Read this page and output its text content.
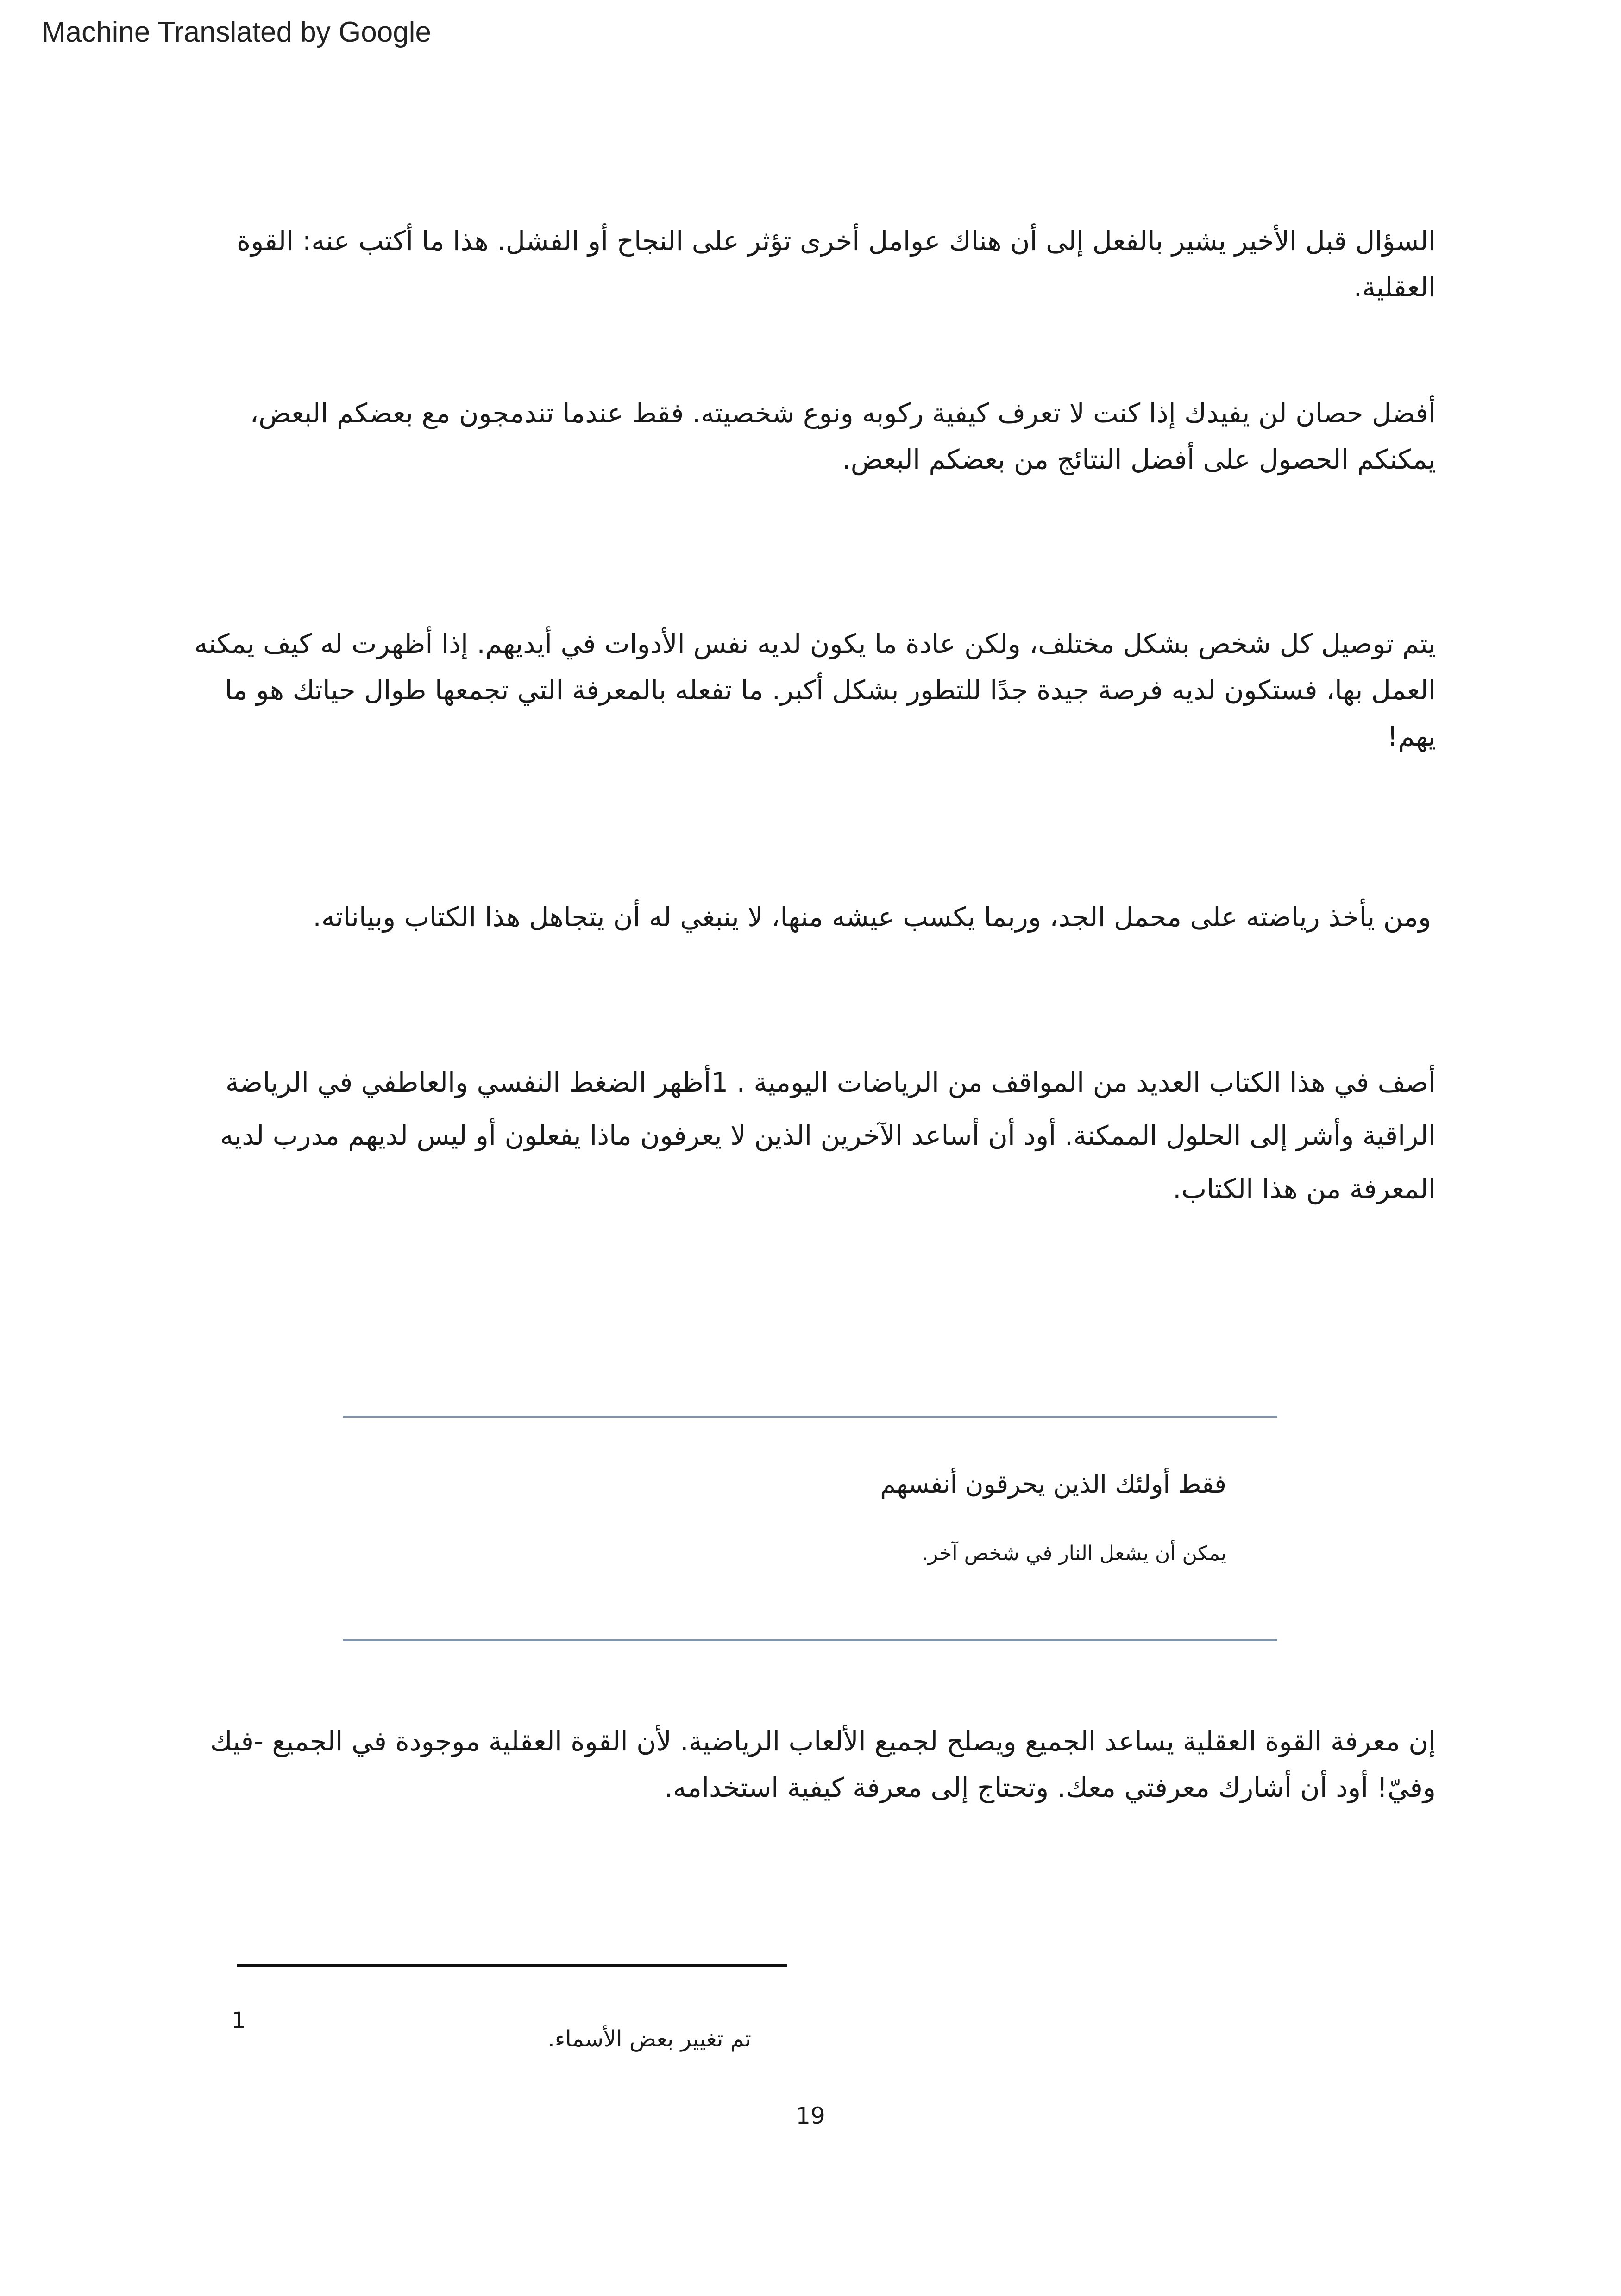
Machine Translated by Google

السؤال قبل الأخير يشير بالفعل إلى أن هناك عوامل أخرى تؤثر على النجاح أو الفشل. هذا ما أكتب عنه: القوة العقلية.

أفضل حصان لن يفيدك إذا كنت لا تعرف كيفية ركوبه ونوع شخصيته. فقط عندما تندمجون مع بعضكم البعض، يمكنكم الحصول على أفضل النتائج من بعضكم البعض.

يتم توصيل كل شخص بشكل مختلف، ولكن عادة ما يكون لديه نفس الأدوات في أيديهم. إذا أظهرت له كيف يمكنه العمل بها، فستكون لديه فرصة جيدة جدًا للتطور بشكل أكبر. ما تفعله بالمعرفة التي تجمعها طوال حياتك هو ما يهم!

ومن يأخذ رياضته على محمل الجد، وربما يكسب عيشه منها، لا ينبغي له أن يتجاهل هذا الكتاب وبياناته.

أصف في هذا الكتاب العديد من المواقف من الرياضات اليومية . 1أظهر الضغط النفسي والعاطفي في الرياضة الراقية وأشر إلى الحلول الممكنة. أود أن أساعد الآخرين الذين لا يعرفون ماذا يفعلون أو ليس لديهم مدرب لديه المعرفة من هذا الكتاب.

فقط أولئك الذين يحرقون أنفسهم

يمكن أن يشعل النار في شخص آخر.

إن معرفة القوة العقلية يساعد الجميع ويصلح لجميع الألعاب الرياضية. لأن القوة العقلية موجودة في الجميع -فيك وفيّ! أود أن أشارك معرفتي معك. وتحتاج إلى معرفة كيفية استخدامه.

1
تم تغيير بعض الأسماء.
19
